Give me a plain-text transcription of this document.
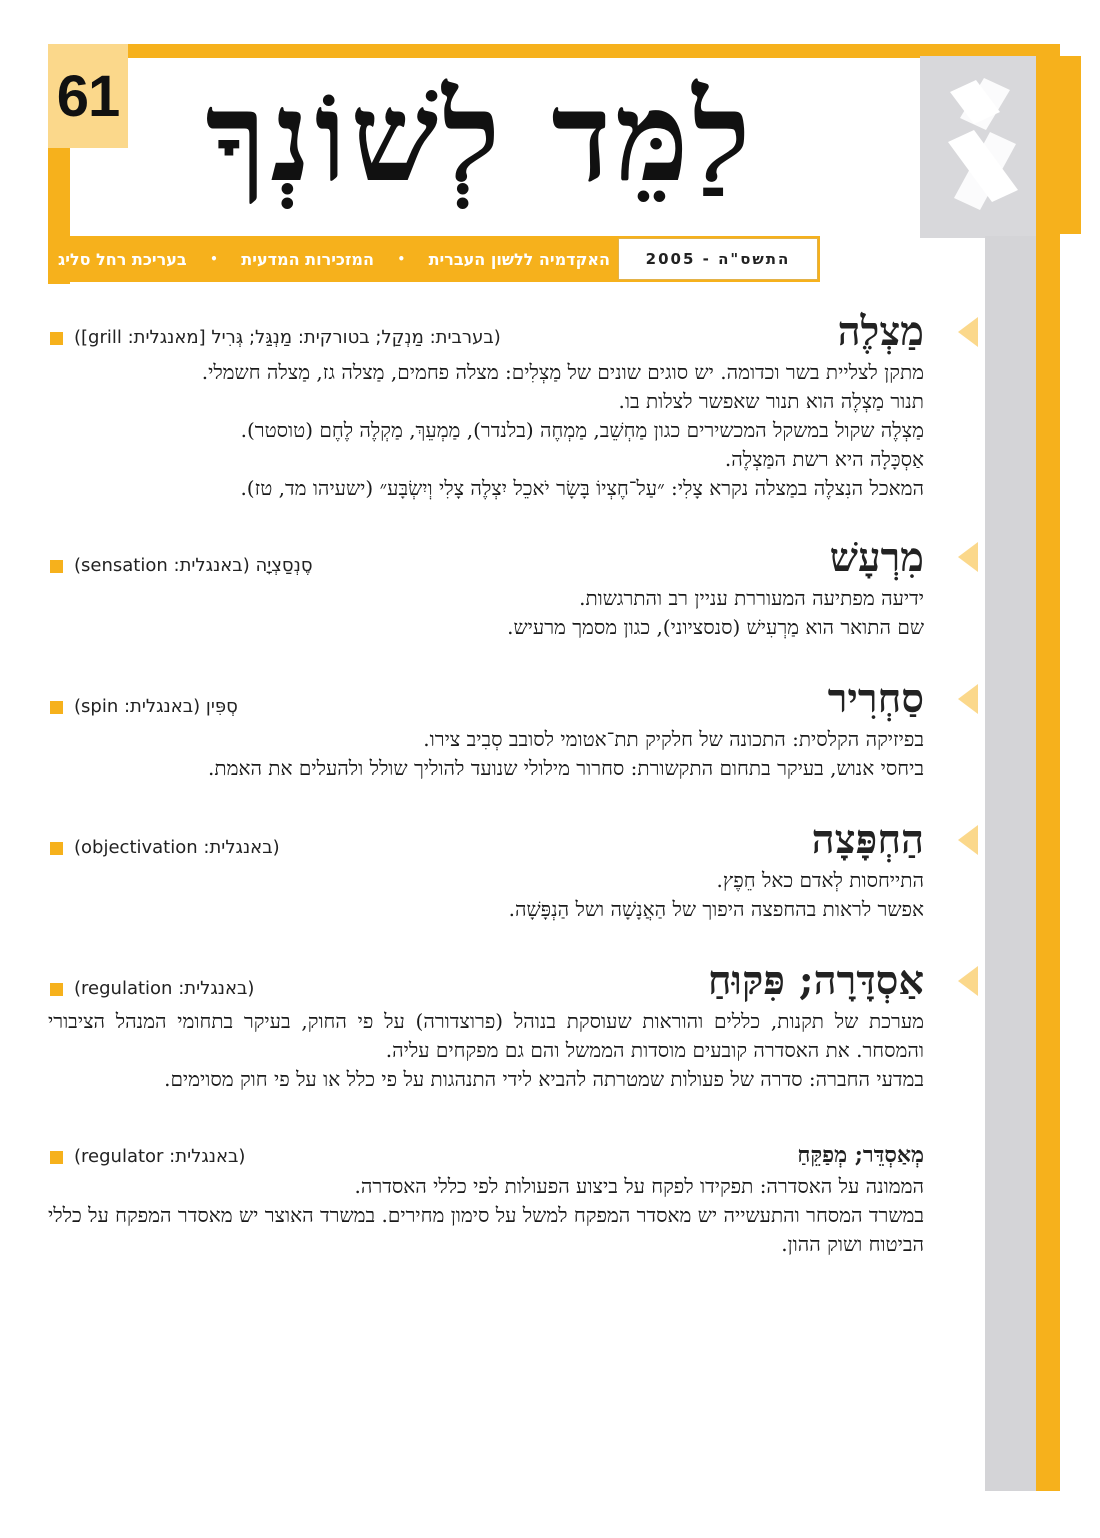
61 לַמֵּד לְשׁוֹנְךָ
התשס"ה - 2005
האקדמיה ללשון העברית
•
המזכירות המדעית
•
בעריכת רחל סליג
מַצְלֶה
(בערבית: מַנְקַל; בטורקית: מַנְגַּל; גְּרִיל [מאנגלית: grill])
מתקן לצליית בשר וכדומה. יש סוגים שונים של מַצְלִים: מצלה פחמים, מַצלה גז, מַצלה חשמלי.
תנור מַצְלֶה הוא תנור שאפשר לצלות בו.
מַצְלֶה שקול במשקל המכשירים כגון מַחְשֵׁב, מַמְחֶה (בלנדר), מַמְעֵךְ, מַקְלֶה לֶחֶם (טוסטר).
אַסְכָּלָה היא רשת המַּצְלֶה.
המאכל הנִצלֶה במַצלה נקרא צָלִי: ״עַל־חֶצְיוֹ בָּשָׂר יֹאכֵל יִצְלֶה צָלִי וְיִשְׂבָּע״ (ישעיהו מד, טז).
מִרְעָשׁ
סֶנְסַצְיָה (באנגלית: sensation)
ידיעה מפתיעה המעוררת עניין רב והתרגשות.
שם התואר הוא מַרְעִישׁ (סנסציוני), כגון מסמך מרעיש.
סַחְרִיר
סְפִּין (באנגלית: spin)
בפיזיקה הקלסית: התכונה של חלקיק תת־אטומי לסובב סְבִיב צירו.
ביחסי אנוש, בעיקר בתחום התקשורת: סחרור מילולי שנועד להוליך שולל ולהעלים את האמת.
הַחְפָּצָה
(באנגלית: objectivation)
התייחסות לְאדם כאל חֵפֶץ.
אפשר לראות בהחפצה היפוך של הַאֲנָשָׁה ושל הַנְפָּשָׁה.
אַסְדָּרָה; פִּקּוּחַ
(באנגלית: regulation)
מערכת של תקנות, כללים והוראות שעוסקת בנוהל (פרוצדורה) על פי החוק, בעיקר בתחומי המנהל הציבורי והמסחר. את האסדרה קובעים מוסדות הממשל והם גם מפקחים עליה.
במדעי החברה: סדרה של פעולות שמטרתה להביא לידי התנהגות על פי כלל או על פי חוק מסוימים.
מְאַסְדֵּר; מְפַקֵּחַ
(באנגלית: regulator)
הממונה על האסדרה: תפקידו לפקח על ביצוע הפעולות לפי כללי האסדרה.
במשרד המסחר והתעשייה יש מאסדר המפקח למשל על סימון מחירים. במשרד האוצר יש מאסדר המפקח על כללי הביטוח ושוק ההון.
